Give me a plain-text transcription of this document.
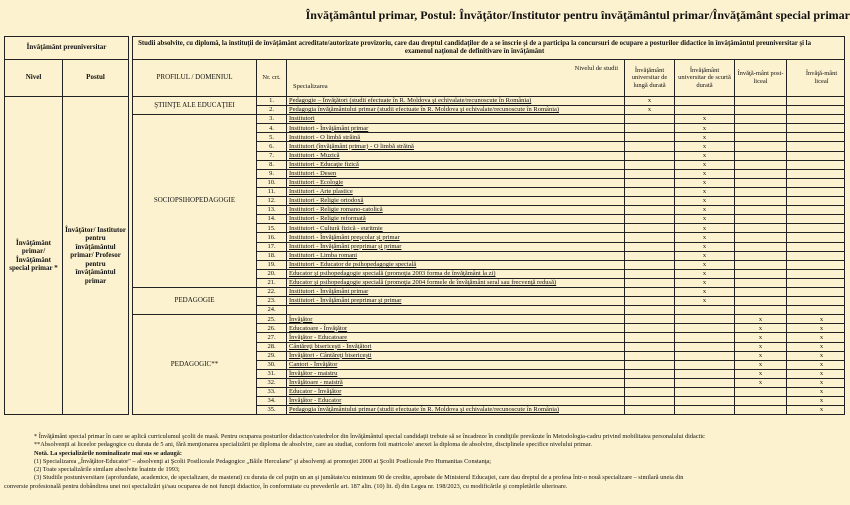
Învăţământul primar, Postul: Învăţător/Institutor pentru învăţământul primar/Învăţământ special primar
Învăţământ preuniversitar			Studii absolvite, cu diplomă, la instituţii de învăţământ acreditate/autorizate provizoriu, care dau dreptul candidaţilor de a se înscrie şi de a participa la concursuri de ocupare a posturilor didactice în învăţământul preuniversitar şi la examenul naţional de definitivare în învăţământ						
Nivel	Postul		PROFILUL / DOMENIUL	Nr. crt.	Nivelul de studii
Specializarea	Învăţământ universitar de lungă durată	Învăţământ universitar de scurtă durată	Învăţă-mânt post-liceal	Învăţă-mânt liceal
Învăţământ primar/ Învăţământ special primar *	Învăţător/ Institutor pentru învăţământul primar/ Profesor pentru învăţământul primar		ŞTIINŢE ALE EDUCAŢIEI	1.	Pedagogie – Învăţători (studii efectuate în R. Moldova şi echivalate/recunoscute în România)	x			
				2.	Pedagogia învăţământului primar (studii efectuate în R. Moldova şi echivalate/recunoscute în România)	x			
			SOCIOPSIHOPEDAGOGIE	3.	Institutori		x		
				4.	Institutori - Învăţământ primar		x		
				5.	Institutori - O limbă străină		x		
				6.	Institutori (învăţământ primar) - O limbă străină		x		
				7.	Institutori - Muzică		x		
				8.	Institutori - Educaţie fizică		x		
				9.	Institutori - Desen		x		
				10.	Institutori - Ecologie		x		
				11.	Institutori - Arte plastice		x		
				12.	Institutori - Religie ortodoxă		x		
				13.	Institutori - Religie romano-catolică		x		
				14.	Institutori - Religie reformată		x		
				15.	Institutori - Cultură fizică - euritmie		x		
				16.	Institutori - Învăţământ preşcolar şi primar		x		
				17.	Institutori - Învăţământ preprimar şi primar		x		
				18.	Institutori - Limba romani		x		
				19.	Institutori - Educator de psihopedagogie specială		x		
				20.	Educator şi psihopedagogie specială (promoţia 2003 forma de învăţământ la zi)		x		
				21.	Educator şi psihopedagogie specială (promoţia 2004 formele de învăţământ seral sau frecvenţă redusă)		x		
			PEDAGOGIE	22.	Institutori - Învăţământ primar		x		
				23.	Institutori - Învăţământ preprimar şi primar		x		
				24.					
			PEDAGOGIC**	25.	Învăţător			x	x
				26.	Educatoare - Învăţător			x	x
				27.	Învăţător - Educatoare			x	x
				28.	Cântăreţi bisericeşti - Învăţători			x	x
				29.	Învăţători - Cântăreţi bisericeşti			x	x
				30.	Cantori - Învăţător			x	x
				31.	Învăţător - maistru			x	x
				32.	Învăţătoare - maistră			x	x
				33.	Educator - Învăţător				x
				34.	Învăţător - Educator				x
				35.	Pedagogia învăţământului primar (studii efectuate în R. Moldova şi echivalate/recunoscute în România)				x
* Învăţământ special primar în care se aplică curriculumul şcolii de masă. Pentru ocuparea posturilor didactice/catedrelor din învăţământul special candidaţii trebuie să se încadreze în condiţiile prevăzute în Metodologia-cadru privind mobilitatea personalului didactic
**Absolvenţii ai liceelor pedagogice cu durata de 5 ani, fără menţionarea specializării pe diploma de absolvire, care au studiat, conform foii matricole/ anexei la diploma de absolvire, disciplinele specifice nivelului primar.
Notă. La specializările nominalizate mai sus se adaugă:
(1) Specializarea „Învăţător-Educator" – absolvenţi ai Şcolii Postliceale Pedagogice „Băile Herculane" şi absolvenţi ai promoţiei 2000 ai Şcolii Postliceale Pro Humanitas Constanţa;
(2) Toate specializările similare absolvite înainte de 1993;
(3) Studiile postuniversitare (aprofundate, academice, de specializare, de masterat) cu durata de cel puţin un an şi jumătate/cu minimum 90 de credite, aprobate de Ministerul Educaţiei, care dau dreptul de a profesa într-o nouă specializare – similară uneia din
conversie profesională pentru dobândirea unei noi specializări şi/sau ocuparea de noi funcţii didactice, în conformitate cu prevederile art. 187 alin. (10) lit. d) din Legea nr. 198/2023, cu modificările şi completările ulterioare.
